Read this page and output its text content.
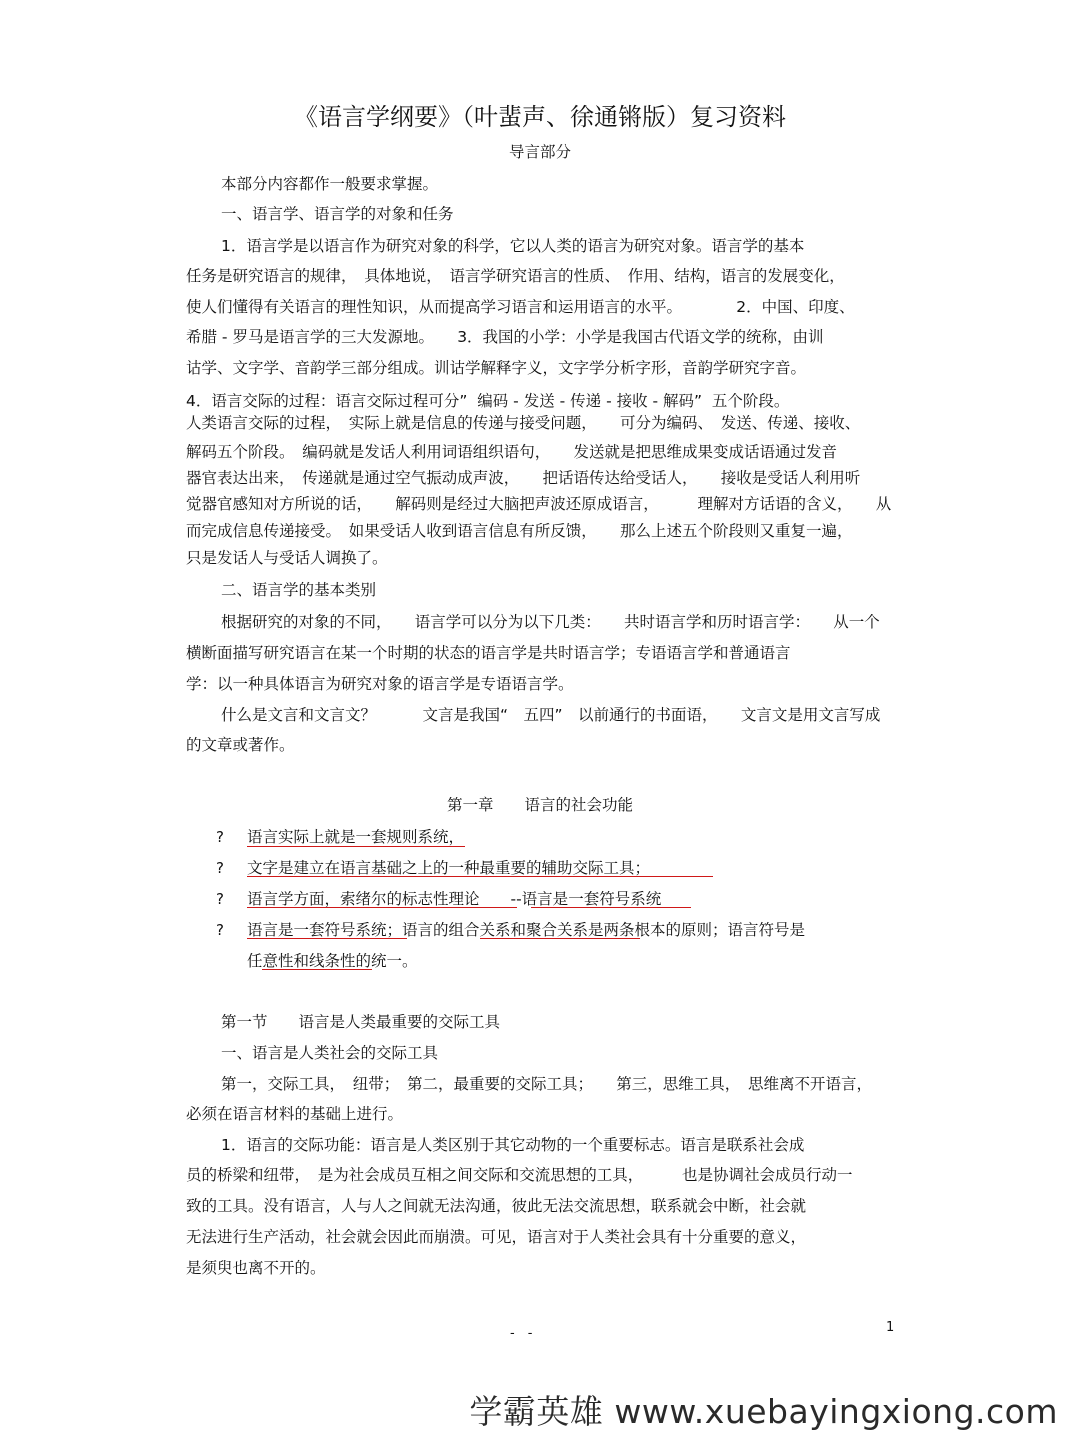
《语言学纲要》（叶蜚声、徐通锵版）复习资料
导言部分
本部分内容都作一般要求掌握。
一、语言学、语言学的对象和任务
1．语言学是以语言作为研究对象的科学，它以人类的语言为研究对象。语言学的基本
任务是研究语言的规律，　具体地说，　语言学研究语言的性质、　作用、结构，语言的发展变化，
使人们懂得有关语言的理性知识，从而提高学习语言和运用语言的水平。　　　　2．中国、印度、
希腊 - 罗马是语言学的三大发源地。　　3．我国的小学：小学是我国古代语文学的统称，由训
诂学、文字学、音韵学三部分组成。训诂学解释字义，文字学分析字形，音韵学研究字音。
4．语言交际的过程：语言交际过程可分”  编码 - 发送 - 传递 - 接收 - 解码”  五个阶段。
人类语言交际的过程，　实际上就是信息的传递与接受问题，　　可分为编码、　发送、传递、接收、
解码五个阶段。　编码就是发话人利用词语组织语句，　　发送就是把思维成果变成话语通过发音
器官表达出来，　传递就是通过空气振动成声波，　　把话语传达给受话人，　　接收是受话人利用听
觉器官感知对方所说的话，　　解码则是经过大脑把声波还原成语言，　　　理解对方话语的含义，　　从
而完成信息传递接受。　如果受话人收到语言信息有所反馈，　　那么上述五个阶段则又重复一遍，
只是发话人与受话人调换了。
二、语言学的基本类别
根据研究的对象的不同，　　语言学可以分为以下几类：　　共时语言学和历时语言学：　　从一个
横断面描写研究语言在某一个时期的状态的语言学是共时语言学；专语语言学和普通语言
学：以一种具体语言为研究对象的语言学是专语语言学。
什么是文言和文言文？　　　文言是我国“　五四”　以前通行的书面语，　　文言文是用文言写成
的文章或著作。
第一章　　语言的社会功能
?
?
?
?
语言实际上就是一套规则系统，
文字是建立在语言基础之上的一种最重要的辅助交际工具；
语言学方面，索绪尔的标志性理论　　--语言是一套符号系统
语言是一套符号系统；语言的组合关系和聚合关系是两条根本的原则；语言符号是
任意性和线条性的统一。
第一节　　语言是人类最重要的交际工具
一、语言是人类社会的交际工具
第一，交际工具，　纽带；　第二，最重要的交际工具；　　第三，思维工具，　思维离不开语言，
必须在语言材料的基础上进行。
1．语言的交际功能：语言是人类区别于其它动物的一个重要标志。语言是联系社会成
员的桥梁和纽带，　是为社会成员互相之间交际和交流思想的工具，　　　也是协调社会成员行动一
致的工具。没有语言，人与人之间就无法沟通，彼此无法交流思想，联系就会中断，社会就
无法进行生产活动，社会就会因此而崩溃。可见，语言对于人类社会具有十分重要的意义，
是须臾也离不开的。
-　-	1
学霸英雄 www.xuebayingxiong.com
